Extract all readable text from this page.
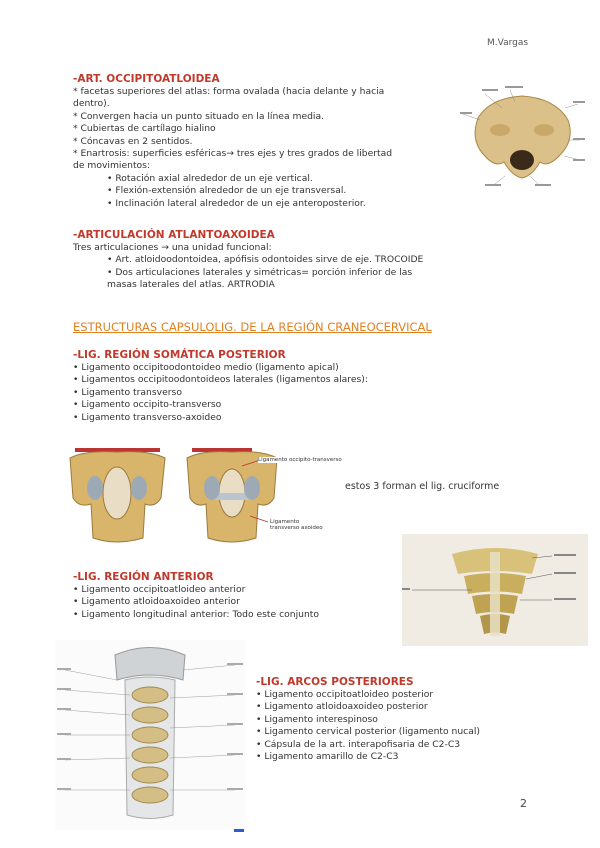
M.Vargas
-ART. OCCIPITOATLOIDEA
* facetas superiores del atlas: forma ovalada (hacia delante y hacia
dentro).
* Convergen hacia un punto situado en la línea media.
* Cubiertas de cartílago hialino
* Cóncavas en 2 sentidos.
* Enartrosis: superficies esféricas→ tres ejes y tres grados de libertad
de movimientos:
• Rotación axial alrededor de un eje vertical.
• Flexión-extensión alrededor de un eje transversal.
• Inclinación lateral alrededor de un eje anteroposterior.
-ARTICULACIÓN ATLANTOAXOIDEA
Tres articulaciones → una unidad funcional:
• Art. atloidoodontoidea, apófisis odontoides sirve de eje. TROCOIDE
• Dos articulaciones laterales y simétricas= porción inferior de las
masas laterales del atlas. ARTRODIA
ESTRUCTURAS CAPSULOLIG. DE LA REGIÓN CRANEOCERVICAL
-LIG. REGIÓN SOMÁTICA POSTERIOR
• Ligamento occipitoodontoideo medio (ligamento apical)
• Ligamentos occipitoodontoideos laterales (ligamentos alares):
• Ligamento transverso
• Ligamento occipito-transverso
• Ligamento transverso-axoideo
Ligamento occipito-transverso
Ligamento transverso axoideo
estos 3 forman el lig. cruciforme
-LIG. REGIÓN ANTERIOR
• Ligamento occipitoatloideo anterior
• Ligamento atloidoaxoideo anterior
• Ligamento longitudinal anterior: Todo este conjunto
-LIG. ARCOS POSTERIORES
• Ligamento occipitoatloideo posterior
• Ligamento atloidoaxoideo posterior
• Ligamento interespinoso
• Ligamento cervical posterior (ligamento nucal)
• Cápsula de la art. interapofisaria de C2-C3
• Ligamento amarillo de C2-C3
2
